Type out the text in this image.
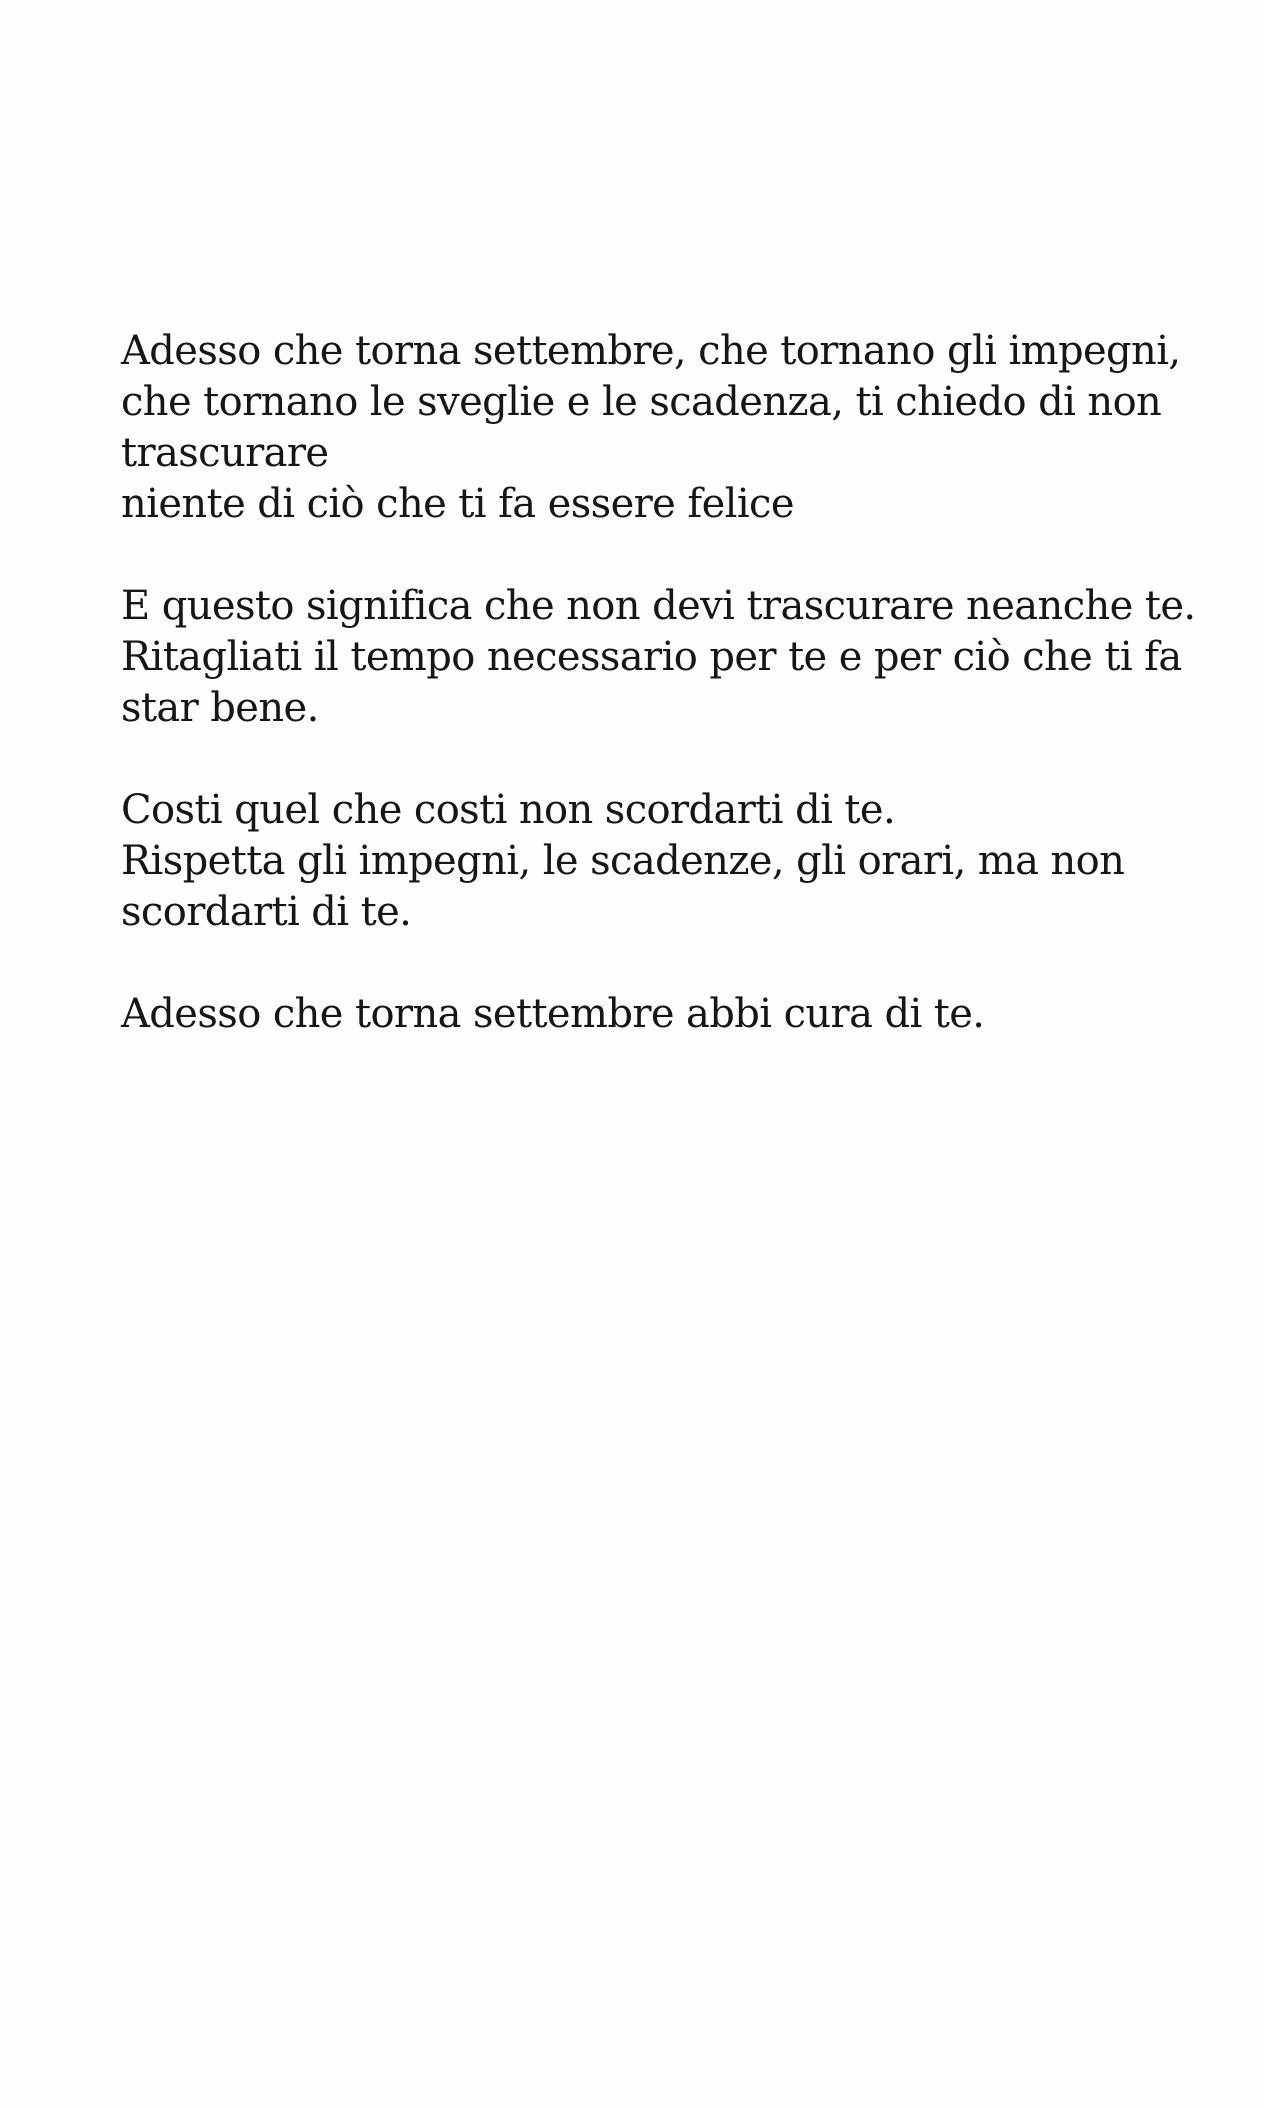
Adesso che torna settembre, che tornano gli impegni,
che tornano le sveglie e le scadenza, ti chiedo di non
trascurare
niente di ciò che ti fa essere felice
E questo significa che non devi trascurare neanche te.
Ritagliati il tempo necessario per te e per ciò che ti fa
star bene.
Costi quel che costi non scordarti di te.
Rispetta gli impegni, le scadenze, gli orari, ma non
scordarti di te.
Adesso che torna settembre abbi cura di te.
